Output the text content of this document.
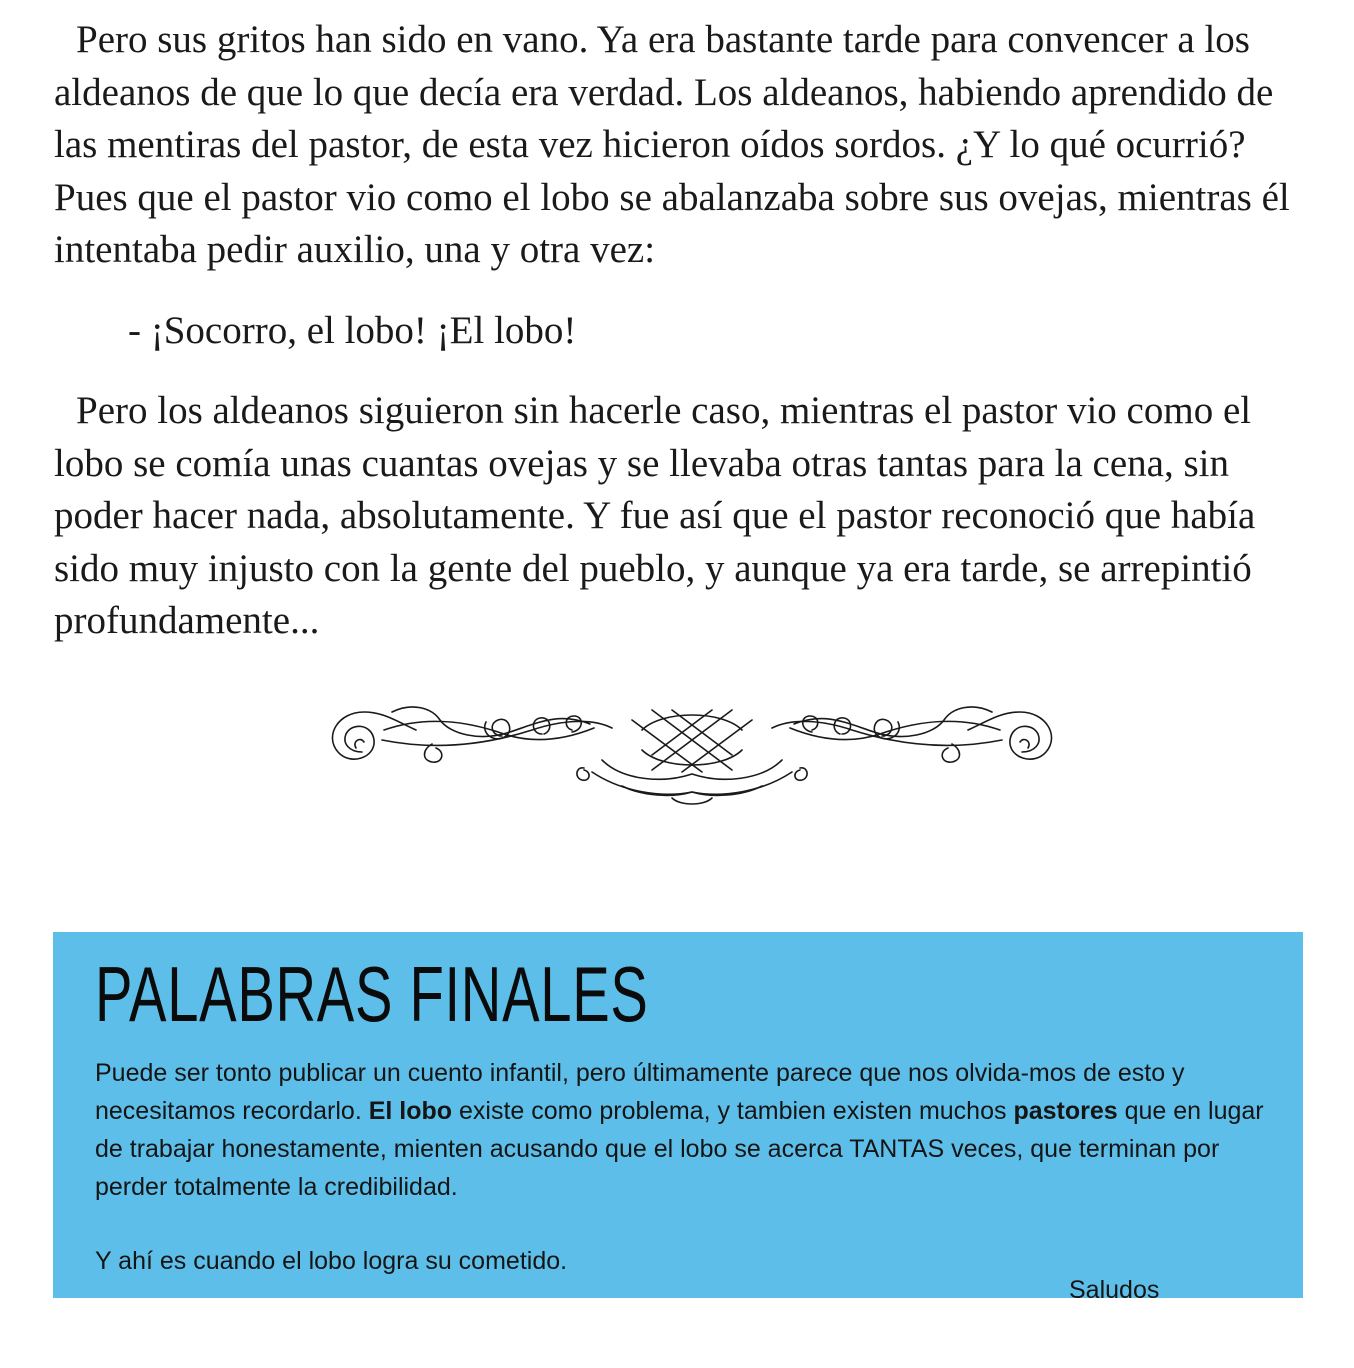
Pero sus gritos han sido en vano. Ya era bastante tarde para convencer a los aldeanos de que lo que decía era verdad. Los aldeanos, habiendo aprendido de las mentiras del pastor, de esta vez hicieron oídos sordos. ¿Y lo qué ocurrió? Pues que el pastor vio como el lobo se abalanzaba sobre sus ovejas, mientras él intentaba pedir auxilio, una y otra vez:

- ¡Socorro, el lobo! ¡El lobo!

Pero los aldeanos siguieron sin hacerle caso, mientras el pastor vio como el lobo se comía unas cuantas ovejas y se llevaba otras tantas para la cena, sin poder hacer nada, absolutamente. Y fue así que el pastor reconoció que había sido muy injusto con la gente del pueblo, y aunque ya era tarde, se arrepintió profundamente...

PALABRAS FINALES

Puede ser tonto publicar un cuento infantil, pero últimamente parece que nos olvida-mos de esto y necesitamos recordarlo. El lobo existe como problema, y tambien existen muchos pastores que en lugar de trabajar honestamente, mienten acusando que el lobo se acerca TANTAS veces, que terminan por perder totalmente la credibilidad.

Y ahí es cuando el lobo logra su cometido.

Saludos
